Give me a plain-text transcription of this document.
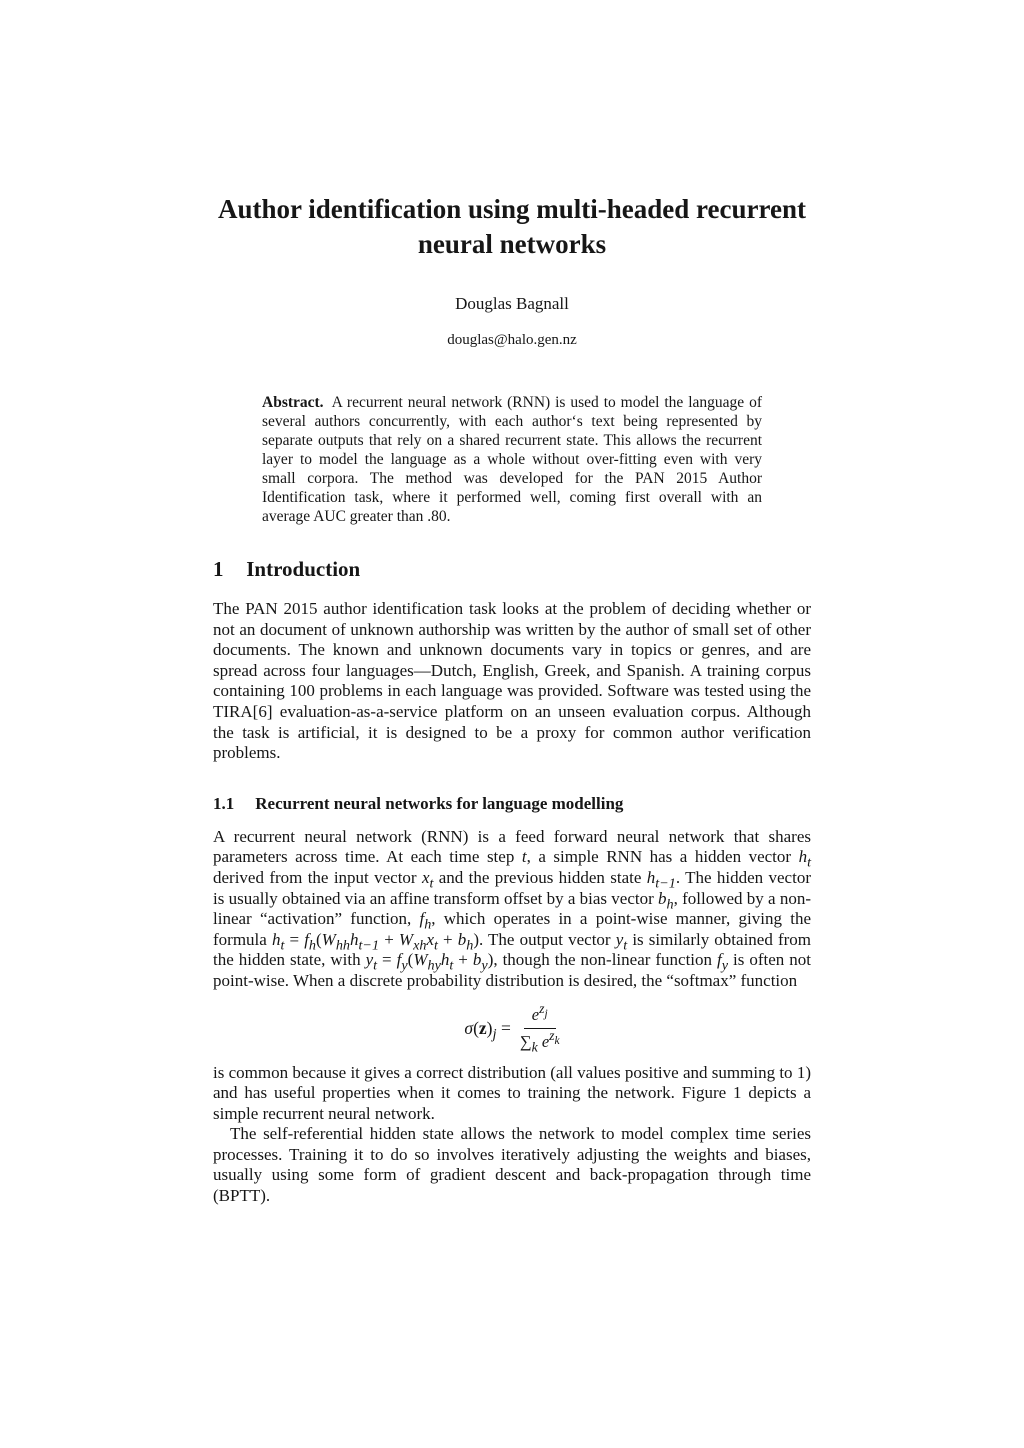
Author identification using multi-headed recurrent
neural networks
Douglas Bagnall
douglas@halo.gen.nz

Abstract. A recurrent neural network (RNN) is used to model the language of several authors concurrently, with each author‘s text being represented by separate outputs that rely on a shared recurrent state. This allows the recurrent layer to model the language as a whole without over-fitting even with very small corpora. The method was developed for the PAN 2015 Author Identification task, where it performed well, coming first overall with an average AUC greater than .80.

1 Introduction

The PAN 2015 author identification task looks at the problem of deciding whether or not an document of unknown authorship was written by the author of small set of other documents. The known and unknown documents vary in topics or genres, and are spread across four languages—Dutch, English, Greek, and Spanish. A training corpus containing 100 problems in each language was provided. Software was tested using the TIRA[6] evaluation-as-a-service platform on an unseen evaluation corpus. Although the task is artificial, it is designed to be a proxy for common author verification problems.

1.1 Recurrent neural networks for language modelling

A recurrent neural network (RNN) is a feed forward neural network that shares parameters across time. At each time step t, a simple RNN has a hidden vector $h_t$ derived from the input vector $x_t$ and the previous hidden state $h_{t-1}$. The hidden vector is usually obtained via an affine transform offset by a bias vector $b_h$, followed by a non-linear “activation” function, $f_h$, which operates in a point-wise manner, giving the formula $h_t = f_h(W_{hh}h_{t-1} + W_{xh}x_t + b_h)$. The output vector $y_t$ is similarly obtained from the hidden state, with $y_t = f_y(W_{hy}h_t + b_y)$, though the non-linear function $f_y$ is often not point-wise. When a discrete probability distribution is desired, the “softmax” function

$\sigma(z)_j = \frac{e^{z_j}}{\sum_k e^{z_k}}$

is common because it gives a correct distribution (all values positive and summing to 1) and has useful properties when it comes to training the network. Figure 1 depicts a simple recurrent neural network.

The self-referential hidden state allows the network to model complex time series processes. Training it to do so involves iteratively adjusting the weights and biases, usually using some form of gradient descent and back-propagation through time (BPTT).
